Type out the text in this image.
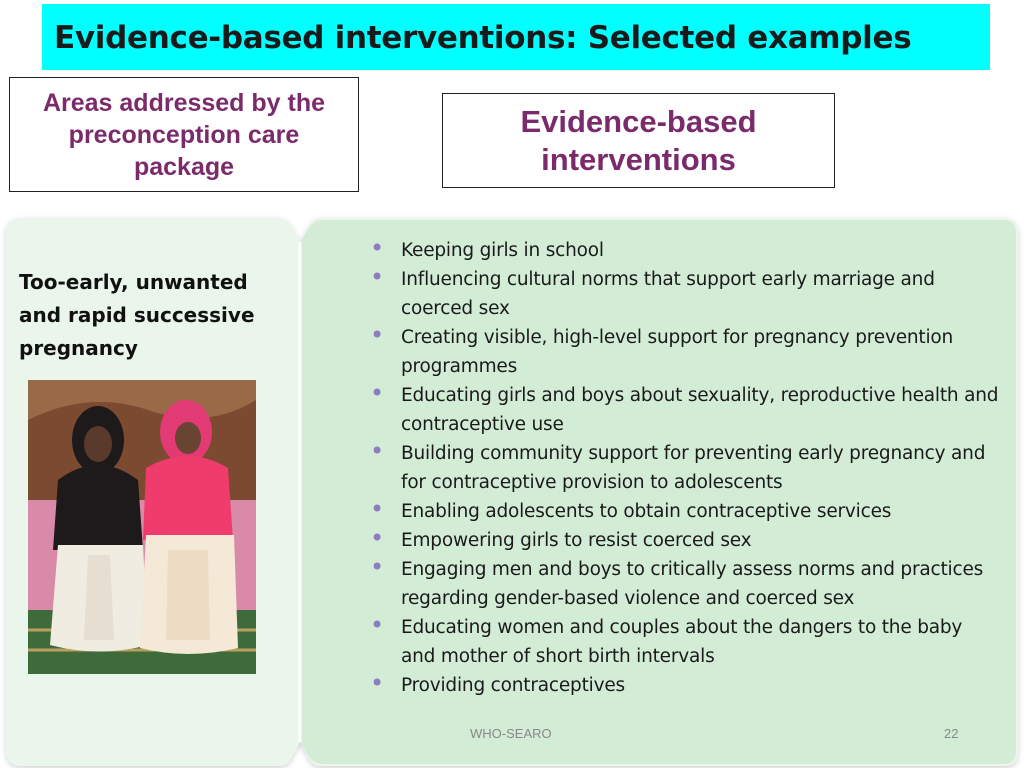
Evidence-based interventions: Selected examples
Areas addressed by the preconception care package
Evidence-based interventions
Too-early, unwanted and rapid successive pregnancy
• Keeping girls in school
• Influencing cultural norms that support early marriage and coerced sex
• Creating visible, high-level support for pregnancy prevention programmes
• Educating girls and boys about sexuality, reproductive health and contraceptive use
• Building community support for preventing early pregnancy and for contraceptive provision to adolescents
• Enabling adolescents to obtain contraceptive services
• Empowering girls to resist coerced sex
• Engaging men and boys to critically assess norms and practices regarding gender-based violence and coerced sex
• Educating women and couples about the dangers to the baby and mother of short birth intervals
• Providing contraceptives
WHO-SEARO	22
